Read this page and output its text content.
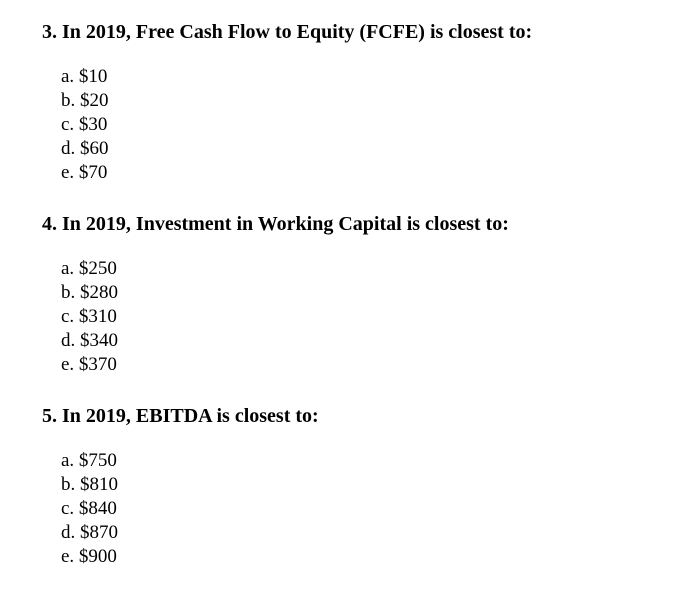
3. In 2019, Free Cash Flow to Equity (FCFE) is closest to:

a. $10
b. $20
c. $30
d. $60
e. $70

4. In 2019, Investment in Working Capital is closest to:

a. $250
b. $280
c. $310
d. $340
e. $370

5. In 2019, EBITDA is closest to:

a. $750
b. $810
c. $840
d. $870
e. $900
